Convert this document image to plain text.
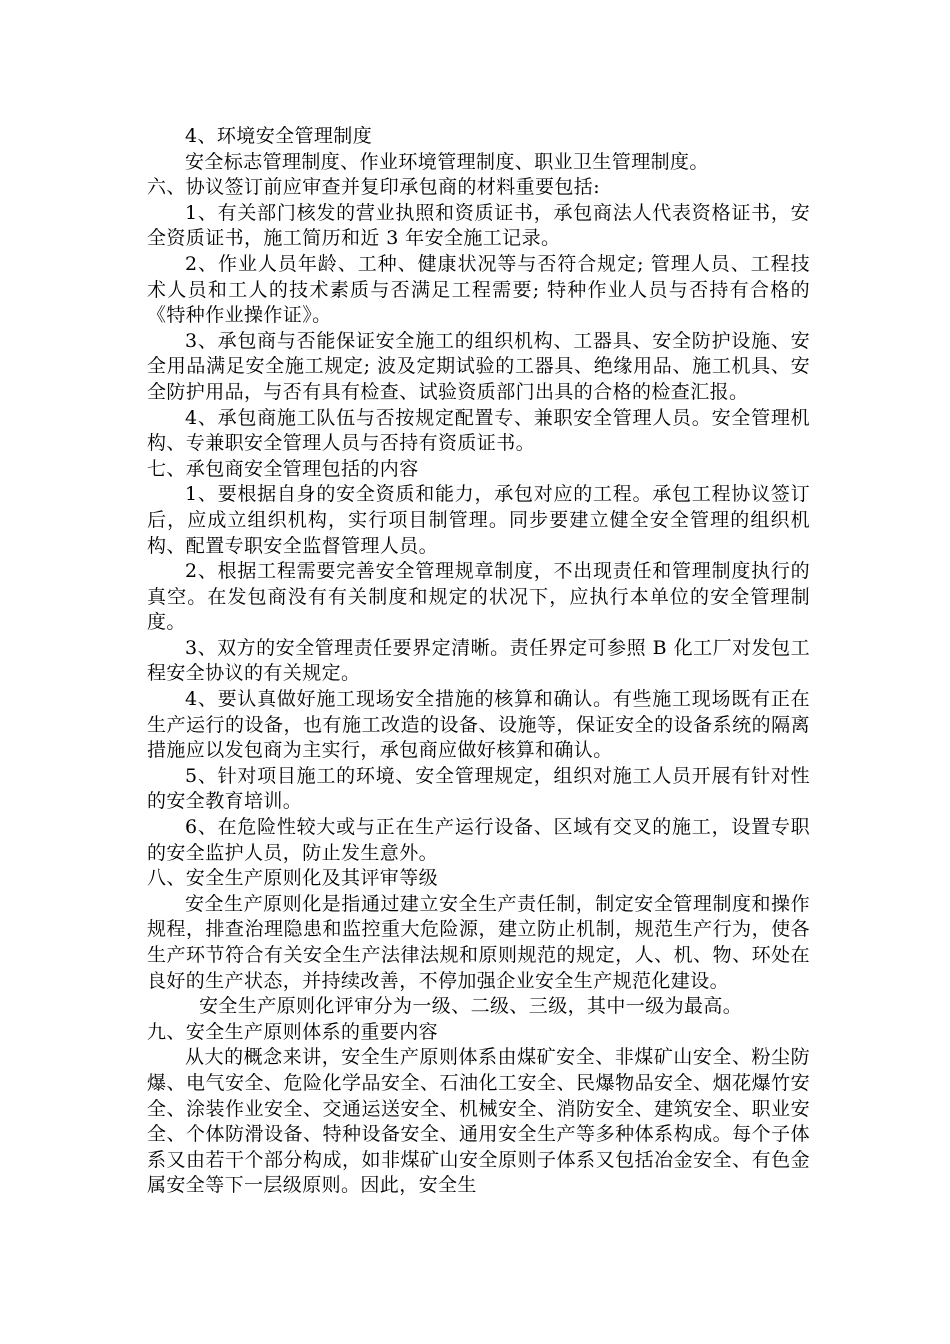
4、环境安全管理制度

安全标志管理制度、作业环境管理制度、职业卫生管理制度。

六、协议签订前应审查并复印承包商的材料重要包括:

1、有关部门核发的营业执照和资质证书，承包商法人代表资格证书，安全资质证书，施工简历和近 3 年安全施工记录。

2、作业人员年龄、工种、健康状况等与否符合规定; 管理人员、工程技术人员和工人的技术素质与否满足工程需要; 特种作业人员与否持有合格的《特种作业操作证》。

3、承包商与否能保证安全施工的组织机构、工器具、安全防护设施、安全用品满足安全施工规定; 波及定期试验的工器具、绝缘用品、施工机具、安全防护用品，与否有具有检查、试验资质部门出具的合格的检查汇报。

4、承包商施工队伍与否按规定配置专、兼职安全管理人员。安全管理机构、专兼职安全管理人员与否持有资质证书。

七、承包商安全管理包括的内容

1、要根据自身的安全资质和能力，承包对应的工程。承包工程协议签订后，应成立组织机构，实行项目制管理。同步要建立健全安全管理的组织机构、配置专职安全监督管理人员。

2、根据工程需要完善安全管理规章制度，不出现责任和管理制度执行的真空。在发包商没有有关制度和规定的状况下，应执行本单位的安全管理制度。

3、双方的安全管理责任要界定清晰。责任界定可参照 B 化工厂对发包工程安全协议的有关规定。

4、要认真做好施工现场安全措施的核算和确认。有些施工现场既有正在生产运行的设备，也有施工改造的设备、设施等，保证安全的设备系统的隔离措施应以发包商为主实行，承包商应做好核算和确认。

5、针对项目施工的环境、安全管理规定，组织对施工人员开展有针对性的安全教育培训。

6、在危险性较大或与正在生产运行设备、区域有交叉的施工，设置专职的安全监护人员，防止发生意外。

八、安全生产原则化及其评审等级

安全生产原则化是指通过建立安全生产责任制，制定安全管理制度和操作规程，排查治理隐患和监控重大危险源，建立防止机制，规范生产行为，使各生产环节符合有关安全生产法律法规和原则规范的规定，人、机、物、环处在良好的生产状态，并持续改善，不停加强企业安全生产规范化建设。

安全生产原则化评审分为一级、二级、三级，其中一级为最高。

九、安全生产原则体系的重要内容

从大的概念来讲，安全生产原则体系由煤矿安全、非煤矿山安全、粉尘防爆、电气安全、危险化学品安全、石油化工安全、民爆物品安全、烟花爆竹安全、涂装作业安全、交通运送安全、机械安全、消防安全、建筑安全、职业安全、个体防滑设备、特种设备安全、通用安全生产等多种体系构成。每个子体系又由若干个部分构成，如非煤矿山安全原则子体系又包括冶金安全、有色金属安全等下一层级原则。因此，安全生
